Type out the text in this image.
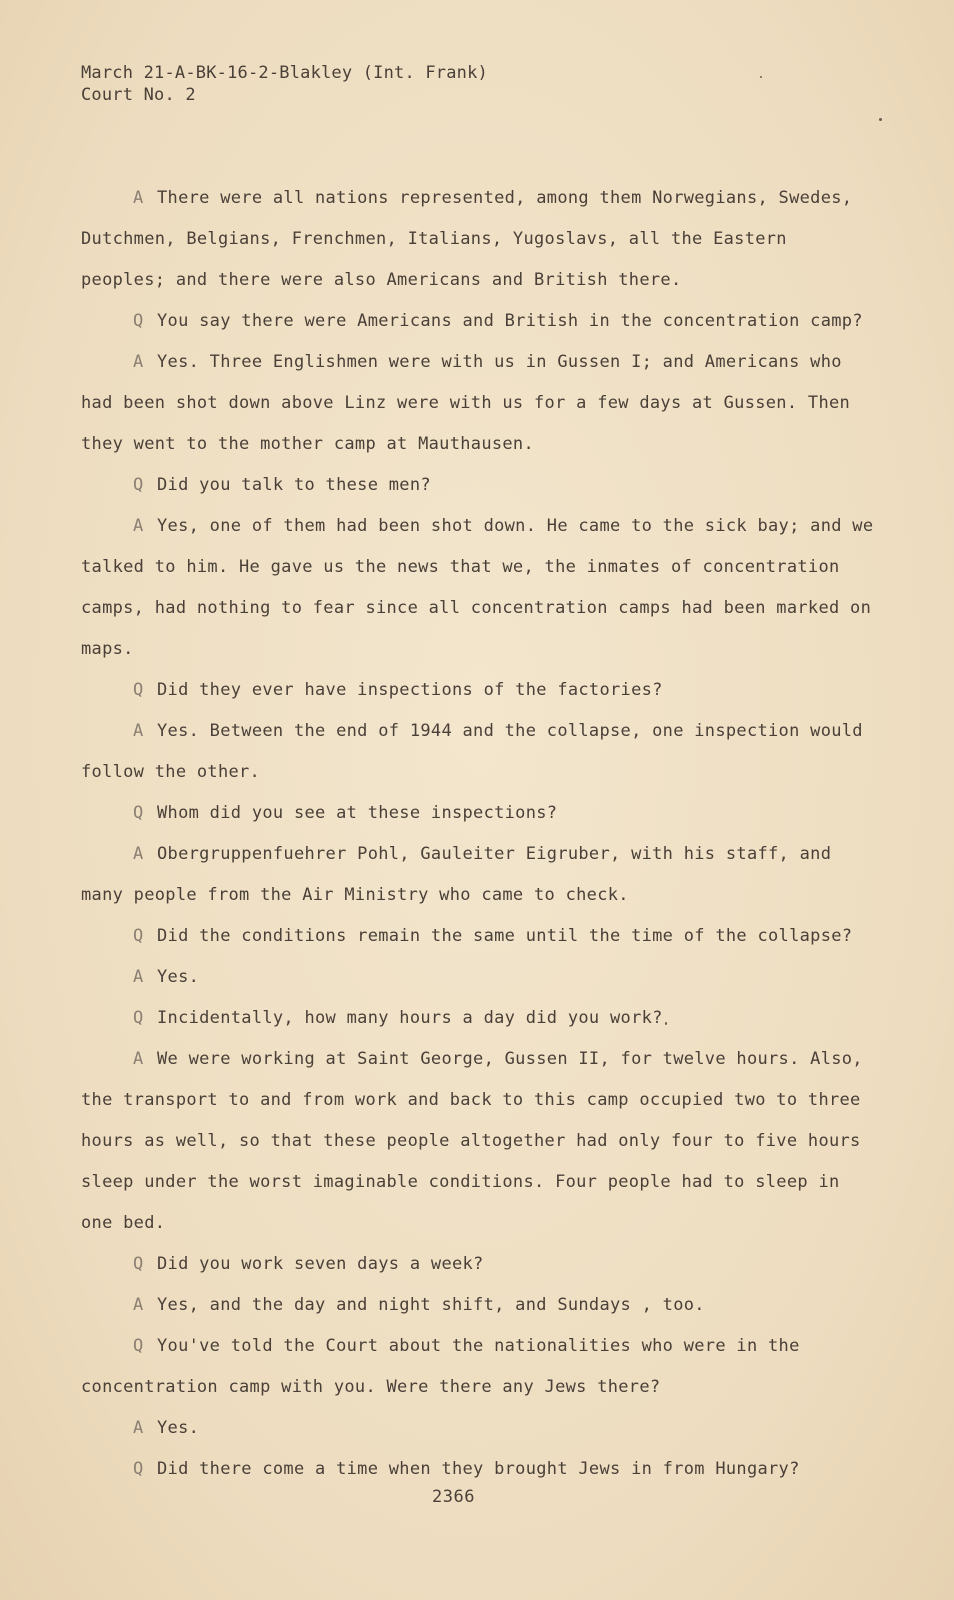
March 21-A-BK-16-2-Blakley (Int. Frank)
Court No. 2

A There were all nations represented, among them Norwegians, Swedes, Dutchmen, Belgians, Frenchmen, Italians, Yugoslavs, all the Eastern peoples; and there were also Americans and British there.

Q You say there were Americans and British in the concentration camp?

A Yes. Three Englishmen were with us in Gussen I; and Americans who had been shot down above Linz were with us for a few days at Gussen. Then they went to the mother camp at Mauthausen.

Q Did you talk to these men?

A Yes, one of them had been shot down. He came to the sick bay; and we talked to him. He gave us the news that we, the inmates of concentration camps, had nothing to fear since all concentration camps had been marked on maps.

Q Did they ever have inspections of the factories?

A Yes. Between the end of 1944 and the collapse, one inspection would follow the other.

Q Whom did you see at these inspections?

A Obergruppenfuehrer Pohl, Gauleiter Eigruber, with his staff, and many people from the Air Ministry who came to check.

Q Did the conditions remain the same until the time of the collapse?

A Yes.

Q Incidentally, how many hours a day did you work?

A We were working at Saint George, Gussen II, for twelve hours. Also, the transport to and from work and back to this camp occupied two to three hours as well, so that these people altogether had only four to five hours sleep under the worst imaginable conditions. Four people had to sleep in one bed.

Q Did you work seven days a week?

A Yes, and the day and night shift, and Sundays , too.

Q You've told the Court about the nationalities who were in the concentration camp with you. Were there any Jews there?

A Yes.

Q Did there come a time when they brought Jews in from Hungary?

2366
